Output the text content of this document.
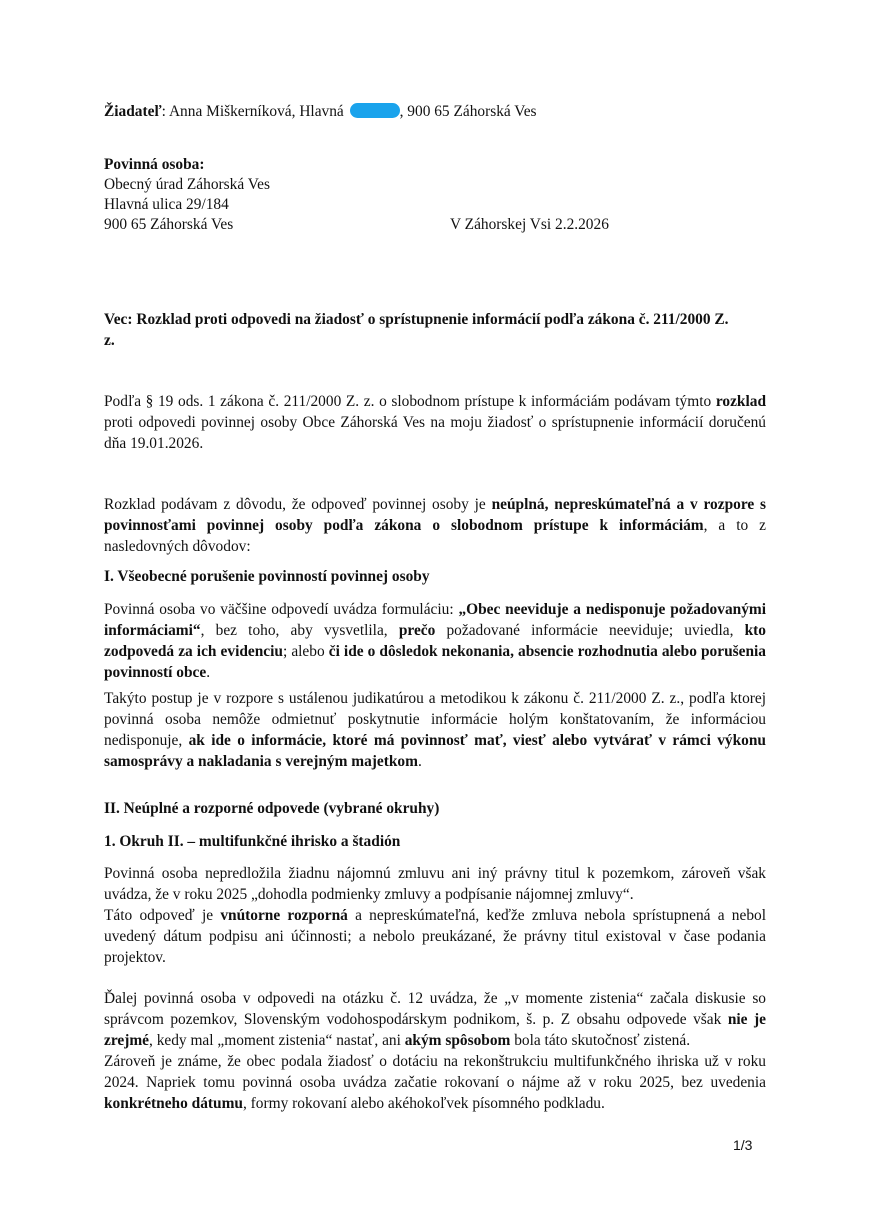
Žiadateľ: Anna Miškerníková, Hlavná	, 900 65 Záhorská Ves
Povinná osoba:
Obecný úrad Záhorská Ves
Hlavná ulica 29/184
900 65 Záhorská Ves	V Záhorskej Vsi 2.2.2026
Vec: Rozklad proti odpovedi na žiadosť o sprístupnenie informácií podľa zákona č. 211/2000 Z.
z.
Podľa § 19 ods. 1 zákona č. 211/2000 Z. z. o slobodnom prístupe k informáciám podávam týmto rozklad proti odpovedi povinnej osoby Obce Záhorská Ves na moju žiadosť o sprístupnenie informácií doručenú dňa 19.01.2026.
Rozklad podávam z dôvodu, že odpoveď povinnej osoby je neúplná, nepreskúmateľná a v rozpore s povinnosťami povinnej osoby podľa zákona o slobodnom prístupe k informáciám, a to z nasledovných dôvodov:
I. Všeobecné porušenie povinností povinnej osoby
Povinná osoba vo väčšine odpovedí uvádza formuláciu: „Obec neeviduje a nedisponuje požadovanými informáciami“, bez toho, aby vysvetlila, prečo požadované informácie neeviduje; uviedla, kto zodpovedá za ich evidenciu; alebo či ide o dôsledok nekonania, absencie rozhodnutia alebo porušenia povinností obce.
Takýto postup je v rozpore s ustálenou judikatúrou a metodikou k zákonu č. 211/2000 Z. z., podľa ktorej povinná osoba nemôže odmietnuť poskytnutie informácie holým konštatovaním, že informáciou nedisponuje, ak ide o informácie, ktoré má povinnosť mať, viesť alebo vytvárať v rámci výkonu samosprávy a nakladania s verejným majetkom.
II. Neúplné a rozporné odpovede (vybrané okruhy)
1. Okruh II. – multifunkčné ihrisko a štadión
Povinná osoba nepredložila žiadnu nájomnú zmluvu ani iný právny titul k pozemkom, zároveň však uvádza, že v roku 2025 „dohodla podmienky zmluvy a podpísanie nájomnej zmluvy“.
Táto odpoveď je vnútorne rozporná a nepreskúmateľná, keďže zmluva nebola sprístupnená a nebol uvedený dátum podpisu ani účinnosti; a nebolo preukázané, že právny titul existoval v čase podania projektov.
Ďalej povinná osoba v odpovedi na otázku č. 12 uvádza, že „v momente zistenia“ začala diskusie so správcom pozemkov, Slovenským vodohospodárskym podnikom, š. p. Z obsahu odpovede však nie je zrejmé, kedy mal „moment zistenia“ nastať, ani akým spôsobom bola táto skutočnosť zistená.
Zároveň je známe, že obec podala žiadosť o dotáciu na rekonštrukciu multifunkčného ihriska už v roku 2024. Napriek tomu povinná osoba uvádza začatie rokovaní o nájme až v roku 2025, bez uvedenia konkrétneho dátumu, formy rokovaní alebo akéhokoľvek písomného podkladu.
1/3
